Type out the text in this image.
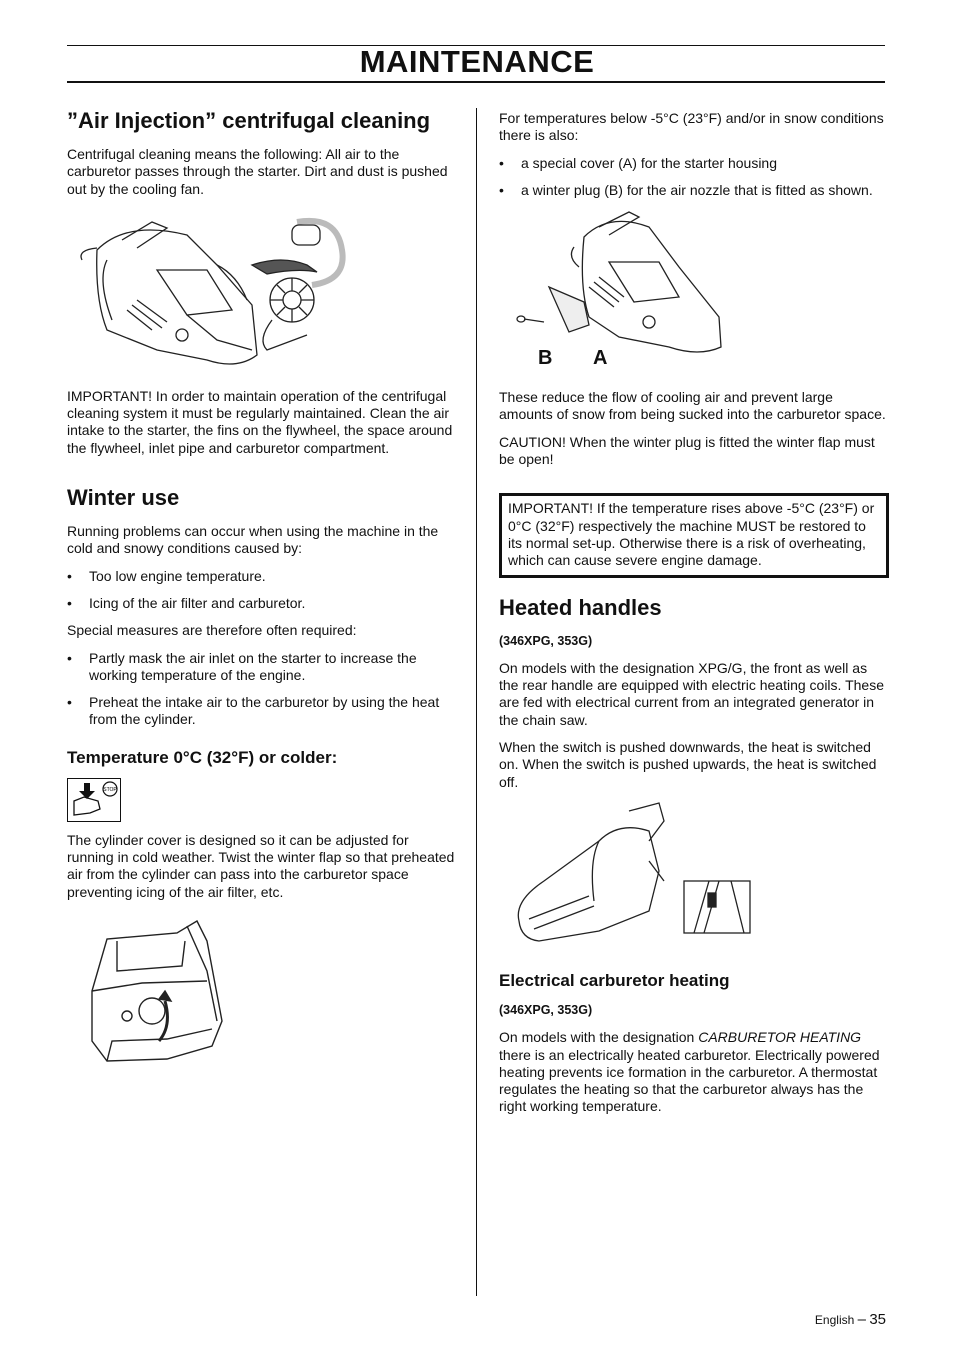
MAINTENANCE
”Air Injection” centrifugal cleaning

Centrifugal cleaning means the following: All air to the carburetor passes through the starter. Dirt and dust is pushed out by the cooling fan.

IMPORTANT! In order to maintain operation of the centrifugal cleaning system it must be regularly maintained. Clean the air intake to the starter, the fins on the flywheel, the space around the flywheel, inlet pipe and carburetor compartment.

Winter use

Running problems can occur when using the machine in the cold and snowy conditions caused by:

• Too low engine temperature.
• Icing of the air filter and carburetor.

Special measures are therefore often required:

• Partly mask the air inlet on the starter to increase the working temperature of the engine.
• Preheat the intake air to the carburetor by using the heat from the cylinder.
Temperature 0°C (32°F) or colder:
STOP

The cylinder cover is designed so it can be adjusted for running in cold weather. Twist the winter flap so that preheated air from the cylinder can pass into the carburetor space preventing icing of the air filter, etc.

For temperatures below -5°C (23°F) and/or in snow conditions there is also:

• a special cover (A) for the starter housing
• a winter plug (B) for the air nozzle that is fitted as shown.
B A

These reduce the flow of cooling air and prevent large amounts of snow from being sucked into the carburetor space.

CAUTION! When the winter plug is fitted the winter flap must be open!

IMPORTANT! If the temperature rises above -5°C (23°F) or 0°C (32°F) respectively the machine MUST be restored to its normal set-up. Otherwise there is a risk of overheating, which can cause severe engine damage.

Heated handles

(346XPG, 353G)

On models with the designation XPG/G, the front as well as the rear handle are equipped with electric heating coils. These are fed with electrical current from an integrated generator in the chain saw.

When the switch is pushed downwards, the heat is switched on. When the switch is pushed upwards, the heat is switched off.

Electrical carburetor heating

(346XPG, 353G)

On models with the designation CARBURETOR HEATING there is an electrically heated carburetor. Electrically powered heating prevents ice formation in the carburetor. A thermostat regulates the heating so that the carburetor always has the right working temperature.

English – 35
